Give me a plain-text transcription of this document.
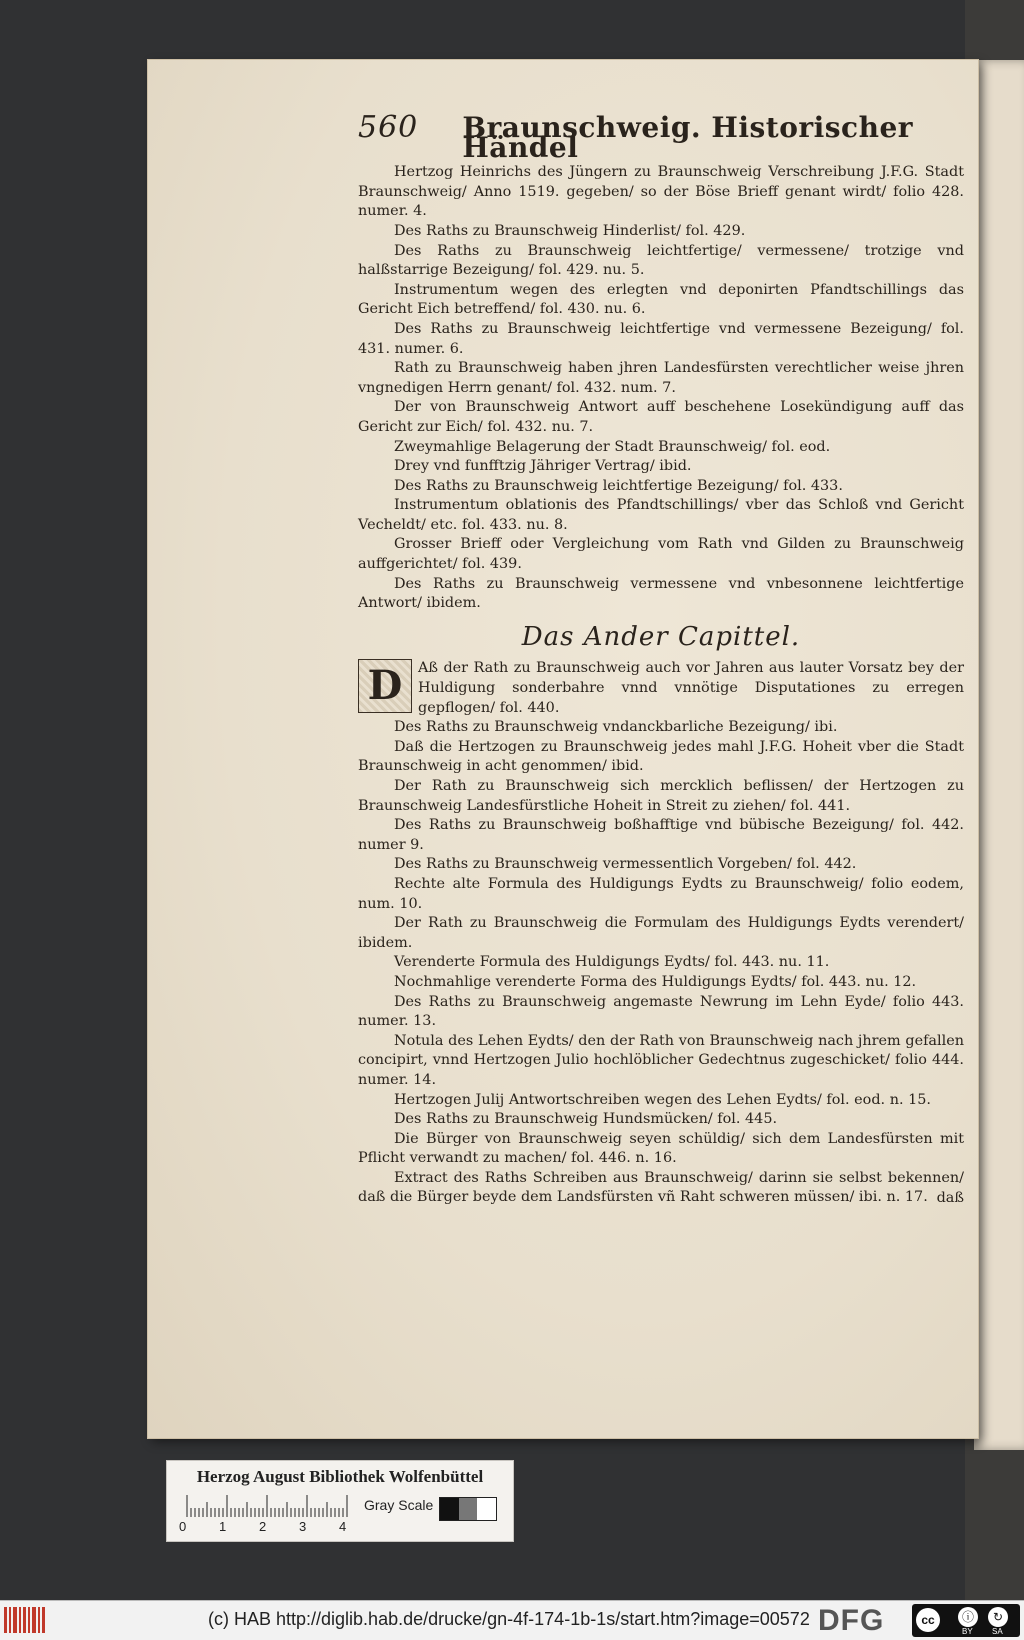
560	Braunschweig. Historischer Händel
Hertzog Heinrichs des Jüngern zu Braunschweig Verschreibung J.F.G. Stadt Braunschweig/ Anno 1519. gegeben/ so der Böse Brieff genant wirdt/ folio 428. numer. 4.
Des Raths zu Braunschweig Hinderlist/ fol. 429.
Des Raths zu Braunschweig leichtfertige/ vermessene/ trotzige vnd halßstarrige Bezeigung/ fol. 429. nu. 5.
Instrumentum wegen des erlegten vnd deponirten Pfandtschillings das Gericht Eich betreffend/ fol. 430. nu. 6.
Des Raths zu Braunschweig leichtfertige vnd vermessene Bezeigung/ fol. 431. numer. 6.
Rath zu Braunschweig haben jhren Landesfürsten verechtlicher weise jhren vngnedigen Herrn genant/ fol. 432. num. 7.
Der von Braunschweig Antwort auff beschehene Losekündigung auff das Gericht zur Eich/ fol. 432. nu. 7.
Zweymahlige Belagerung der Stadt Braunschweig/ fol. eod.
Drey vnd funfftzig Jähriger Vertrag/ ibid.
Des Raths zu Braunschweig leichtfertige Bezeigung/ fol. 433.
Instrumentum oblationis des Pfandtschillings/ vber das Schloß vnd Gericht Vecheldt/ etc. fol. 433. nu. 8.
Grosser Brieff oder Vergleichung vom Rath vnd Gilden zu Braunschweig auffgerichtet/ fol. 439.
Des Raths zu Braunschweig vermessene vnd vnbesonnene leichtfertige Antwort/ ibidem.
Das Ander Capittel.
D	Aß der Rath zu Braunschweig auch vor Jahren aus lauter Vorsatz bey der Huldigung sonderbahre vnnd vnnötige Disputationes zu erregen gepflogen/ fol. 440.
Des Raths zu Braunschweig vndanckbarliche Bezeigung/ ibi.
Daß die Hertzogen zu Braunschweig jedes mahl J.F.G. Hoheit vber die Stadt Braunschweig in acht genommen/ ibid.
Der Rath zu Braunschweig sich mercklich beflissen/ der Hertzogen zu Braunschweig Landesfürstliche Hoheit in Streit zu ziehen/ fol. 441.
Des Raths zu Braunschweig boßhafftige vnd bübische Bezeigung/ fol. 442. numer 9.
Des Raths zu Braunschweig vermessentlich Vorgeben/ fol. 442.
Rechte alte Formula des Huldigungs Eydts zu Braunschweig/ folio eodem, num. 10.
Der Rath zu Braunschweig die Formulam des Huldigungs Eydts verendert/ ibidem.
Verenderte Formula des Huldigungs Eydts/ fol. 443. nu. 11.
Nochmahlige verenderte Forma des Huldigungs Eydts/ fol. 443. nu. 12.
Des Raths zu Braunschweig angemaste Newrung im Lehn Eyde/ folio 443. numer. 13.
Notula des Lehen Eydts/ den der Rath von Braunschweig nach jhrem gefallen concipirt, vnnd Hertzogen Julio hochlöblicher Gedechtnus zugeschicket/ folio 444. numer. 14.
Hertzogen Julij Antwortschreiben wegen des Lehen Eydts/ fol. eod. n. 15.
Des Raths zu Braunschweig Hundsmücken/ fol. 445.
Die Bürger von Braunschweig seyen schüldig/ sich dem Landesfürsten mit Pflicht verwandt zu machen/ fol. 446. n. 16.
Extract des Raths Schreiben aus Braunschweig/ darinn sie selbst bekennen/ daß die Bürger beyde dem Landsfürsten vñ Raht schweren müssen/ ibi. n. 17. daß
Herzog August Bibliothek Wolfenbüttel
0	1	2	3	4
Gray Scale
(c) HAB http://diglib.hab.de/drucke/gn-4f-174-1b-1s/start.htm?image=00572 DFG	cc	ⓘ	↻
BY SA
